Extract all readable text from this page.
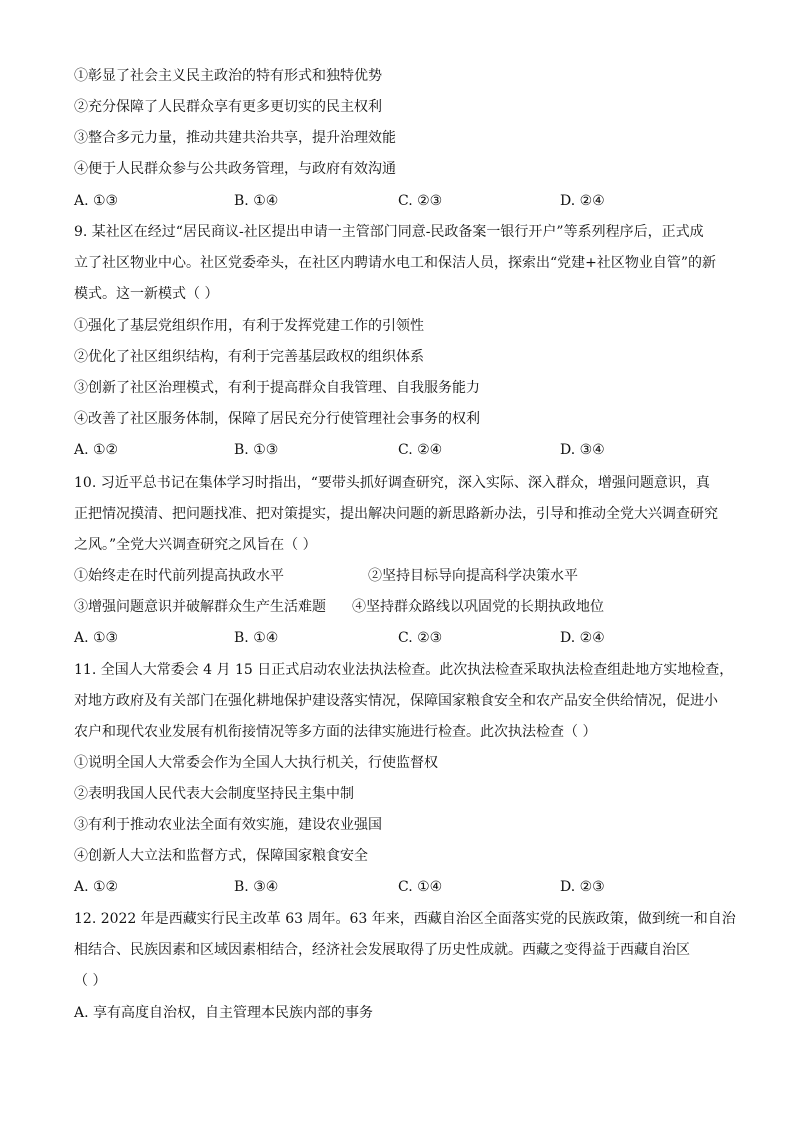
①彰显了社会主义民主政治的特有形式和独特优势
②充分保障了人民群众享有更多更切实的民主权利
③整合多元力量，推动共建共治共享，提升治理效能
④便于人民群众参与公共政务管理，与政府有效沟通
A. ①③	B. ①④	C. ②③	D. ②④
9. 某社区在经过“居民商议-社区提出申请一主管部门同意-民政备案一银行开户”等系列程序后，正式成
立了社区物业中心。社区党委牵头，在社区内聘请水电工和保洁人员，探索出“党建+社区物业自管”的新
模式。这一新模式（ ）
①强化了基层党组织作用，有利于发挥党建工作的引领性
②优化了社区组织结构，有利于完善基层政权的组织体系
③创新了社区治理模式，有利于提高群众自我管理、自我服务能力
④改善了社区服务体制，保障了居民充分行使管理社会事务的权利
A. ①②	B. ①③	C. ②④	D. ③④
10. 习近平总书记在集体学习时指出，“要带头抓好调查研究，深入实际、深入群众，增强问题意识，真
正把情况摸清、把问题找准、把对策提实，提出解决问题的新思路新办法，引导和推动全党大兴调查研究
之风。”全党大兴调查研究之风旨在（ ）
①始终走在时代前列提高执政水平	②坚持目标导向提高科学决策水平
③增强问题意识并破解群众生产生活难题 ④坚持群众路线以巩固党的长期执政地位
A. ①③	B. ①④	C. ②③	D. ②④
11. 全国人大常委会 4 月 15 日正式启动农业法执法检查。此次执法检查采取执法检查组赴地方实地检查，
对地方政府及有关部门在强化耕地保护建设落实情况，保障国家粮食安全和农产品安全供给情况，促进小
农户和现代农业发展有机衔接情况等多方面的法律实施进行检查。此次执法检查（ ）
①说明全国人大常委会作为全国人大执行机关，行使监督权
②表明我国人民代表大会制度坚持民主集中制
③有利于推动农业法全面有效实施，建设农业强国
④创新人大立法和监督方式，保障国家粮食安全
A. ①②	B. ③④	C. ①④	D. ②③
12. 2022 年是西藏实行民主改革 63 周年。63 年来，西藏自治区全面落实党的民族政策，做到统一和自治
相结合、民族因素和区域因素相结合，经济社会发展取得了历史性成就。西藏之变得益于西藏自治区
（ ）
A. 享有高度自治权，自主管理本民族内部的事务
